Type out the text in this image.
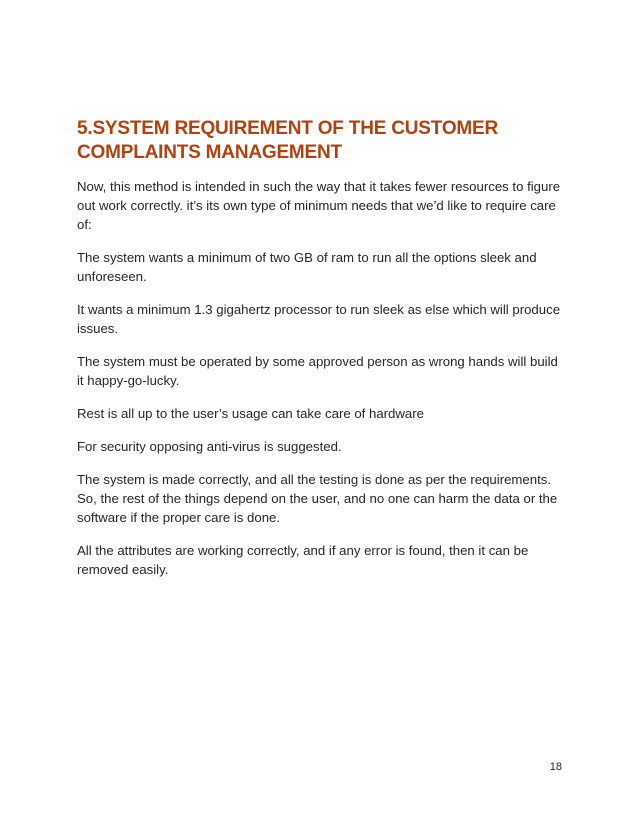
5.SYSTEM REQUIREMENT OF THE CUSTOMER
COMPLAINTS MANAGEMENT

Now, this method is intended in such the way that it takes fewer resources to figure out work correctly. it’s its own type of minimum needs that we’d like to require care of:

The system wants a minimum of two GB of ram to run all the options sleek and unforeseen.

It wants a minimum 1.3 gigahertz processor to run sleek as else which will produce issues.

The system must be operated by some approved person as wrong hands will build it happy-go-lucky.

Rest is all up to the user’s usage can take care of hardware

For security opposing anti-virus is suggested.

The system is made correctly, and all the testing is done as per the requirements. So, the rest of the things depend on the user, and no one can harm the data or the software if the proper care is done.

All the attributes are working correctly, and if any error is found, then it can be removed easily.

18
